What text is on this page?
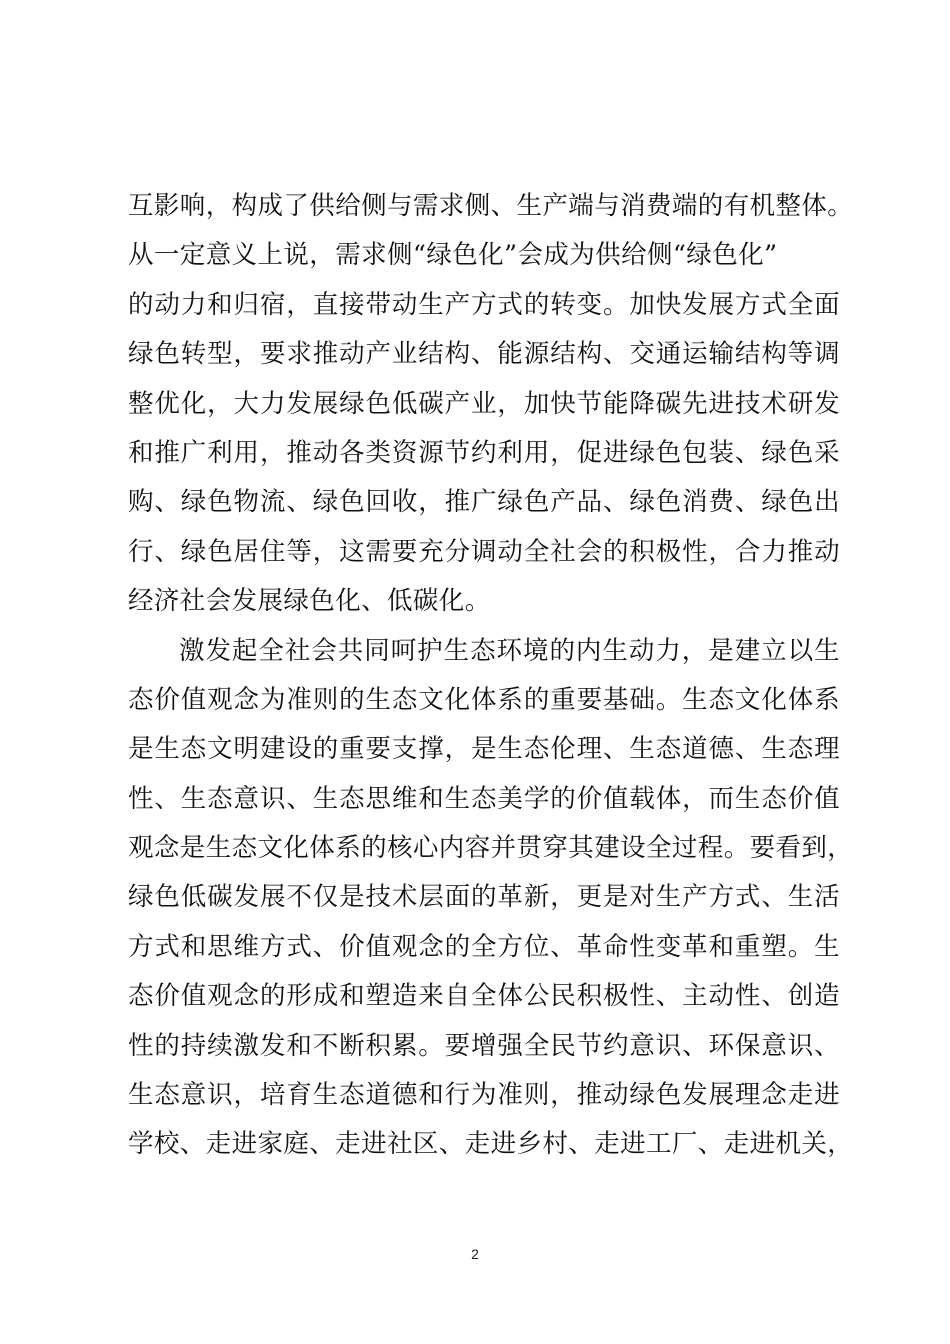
互影响，构成了供给侧与需求侧、生产端与消费端的有机整体。
从一定意义上说，需求侧“绿色化”会成为供给侧“绿色化”
的动力和归宿，直接带动生产方式的转变。加快发展方式全面
绿色转型，要求推动产业结构、能源结构、交通运输结构等调
整优化，大力发展绿色低碳产业，加快节能降碳先进技术研发
和推广利用，推动各类资源节约利用，促进绿色包装、绿色采
购、绿色物流、绿色回收，推广绿色产品、绿色消费、绿色出
行、绿色居住等，这需要充分调动全社会的积极性，合力推动
经济社会发展绿色化、低碳化。
激发起全社会共同呵护生态环境的内生动力，是建立以生
态价值观念为准则的生态文化体系的重要基础。生态文化体系
是生态文明建设的重要支撑，是生态伦理、生态道德、生态理
性、生态意识、生态思维和生态美学的价值载体，而生态价值
观念是生态文化体系的核心内容并贯穿其建设全过程。要看到，
绿色低碳发展不仅是技术层面的革新，更是对生产方式、生活
方式和思维方式、价值观念的全方位、革命性变革和重塑。生
态价值观念的形成和塑造来自全体公民积极性、主动性、创造
性的持续激发和不断积累。要增强全民节约意识、环保意识、
生态意识，培育生态道德和行为准则，推动绿色发展理念走进
学校、走进家庭、走进社区、走进乡村、走进工厂、走进机关，
2
